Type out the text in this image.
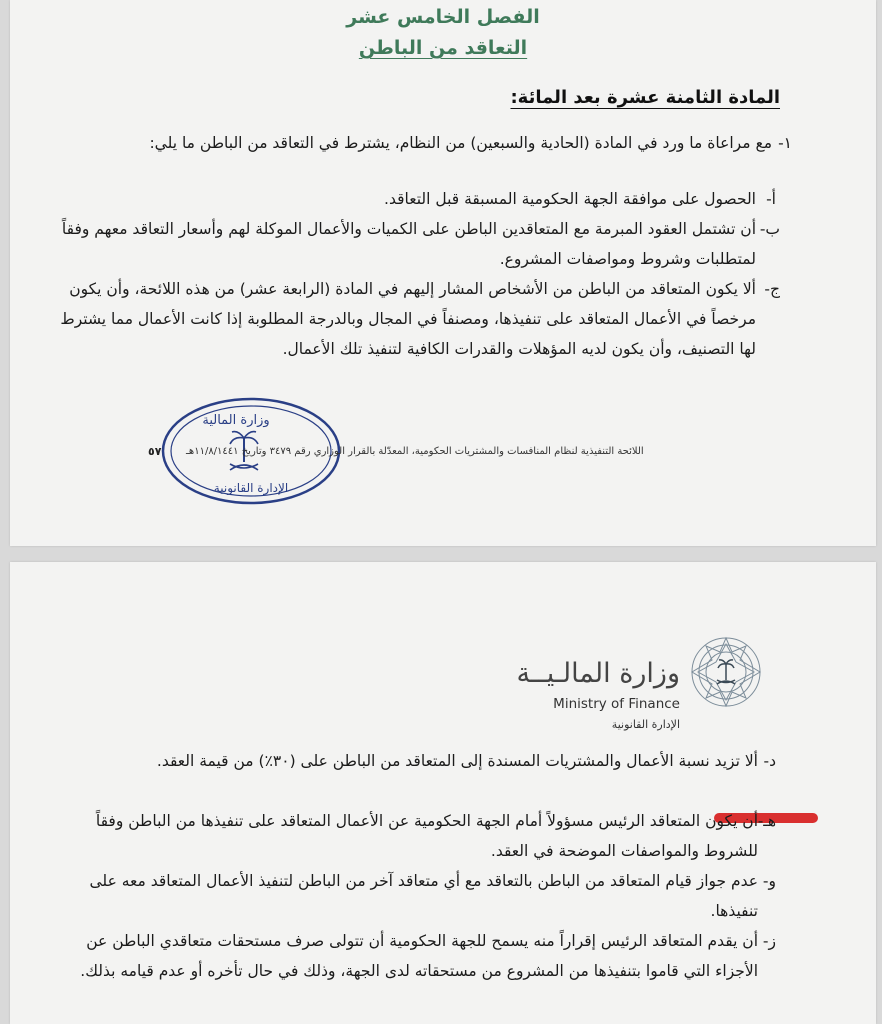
الفصل الخامس عشر
التعاقد من الباطن
المادة الثامنة عشرة بعد المائة:
١-
مع مراعاة ما ورد في المادة (الحادية والسبعين) من النظام، يشترط في التعاقد من الباطن ما يلي:
أ-
الحصول على موافقة الجهة الحكومية المسبقة قبل التعاقد.
ب-
أن تشتمل العقود المبرمة مع المتعاقدين الباطن على الكميات والأعمال الموكلة لهم وأسعار التعاقد معهم وفقاً لمتطلبات وشروط ومواصفات المشروع.
ج-
ألا يكون المتعاقد من الباطن من الأشخاص المشار إليهم في المادة (الرابعة عشر) من هذه اللائحة، وأن يكون مرخصاً في الأعمال المتعاقد على تنفيذها، ومصنفاً في المجال وبالدرجة المطلوبة إذا كانت الأعمال مما يشترط لها التصنيف، وأن يكون لديه المؤهلات والقدرات الكافية لتنفيذ تلك الأعمال.
وزارة المالية
الإدارة القانونية
اللائحة التنفيذية لنظام المنافسات والمشتريات الحكومية، المعدّلة بالقرار الوزاري رقم ٣٤٧٩ وتاريخ ١١/٨/١٤٤١هـ
٥٧
وزارة المالـيــة
Ministry of Finance
الإدارة القانونية
د-
ألا تزيد نسبة الأعمال والمشتريات المسندة إلى المتعاقد من الباطن على (٣٠٪) من قيمة العقد.
هـ-
أن يكون المتعاقد الرئيس مسؤولاً أمام الجهة الحكومية عن الأعمال المتعاقد على تنفيذها من الباطن وفقاً للشروط والمواصفات الموضحة في العقد.
و-
عدم جواز قيام المتعاقد من الباطن بالتعاقد مع أي متعاقد آخر من الباطن لتنفيذ الأعمال المتعاقد معه على تنفيذها.
ز-
أن يقدم المتعاقد الرئيس إقراراً منه يسمح للجهة الحكومية أن تتولى صرف مستحقات متعاقدي الباطن عن الأجزاء التي قاموا بتنفيذها من المشروع من مستحقاته لدى الجهة، وذلك في حال تأخره أو عدم قيامه بذلك.
